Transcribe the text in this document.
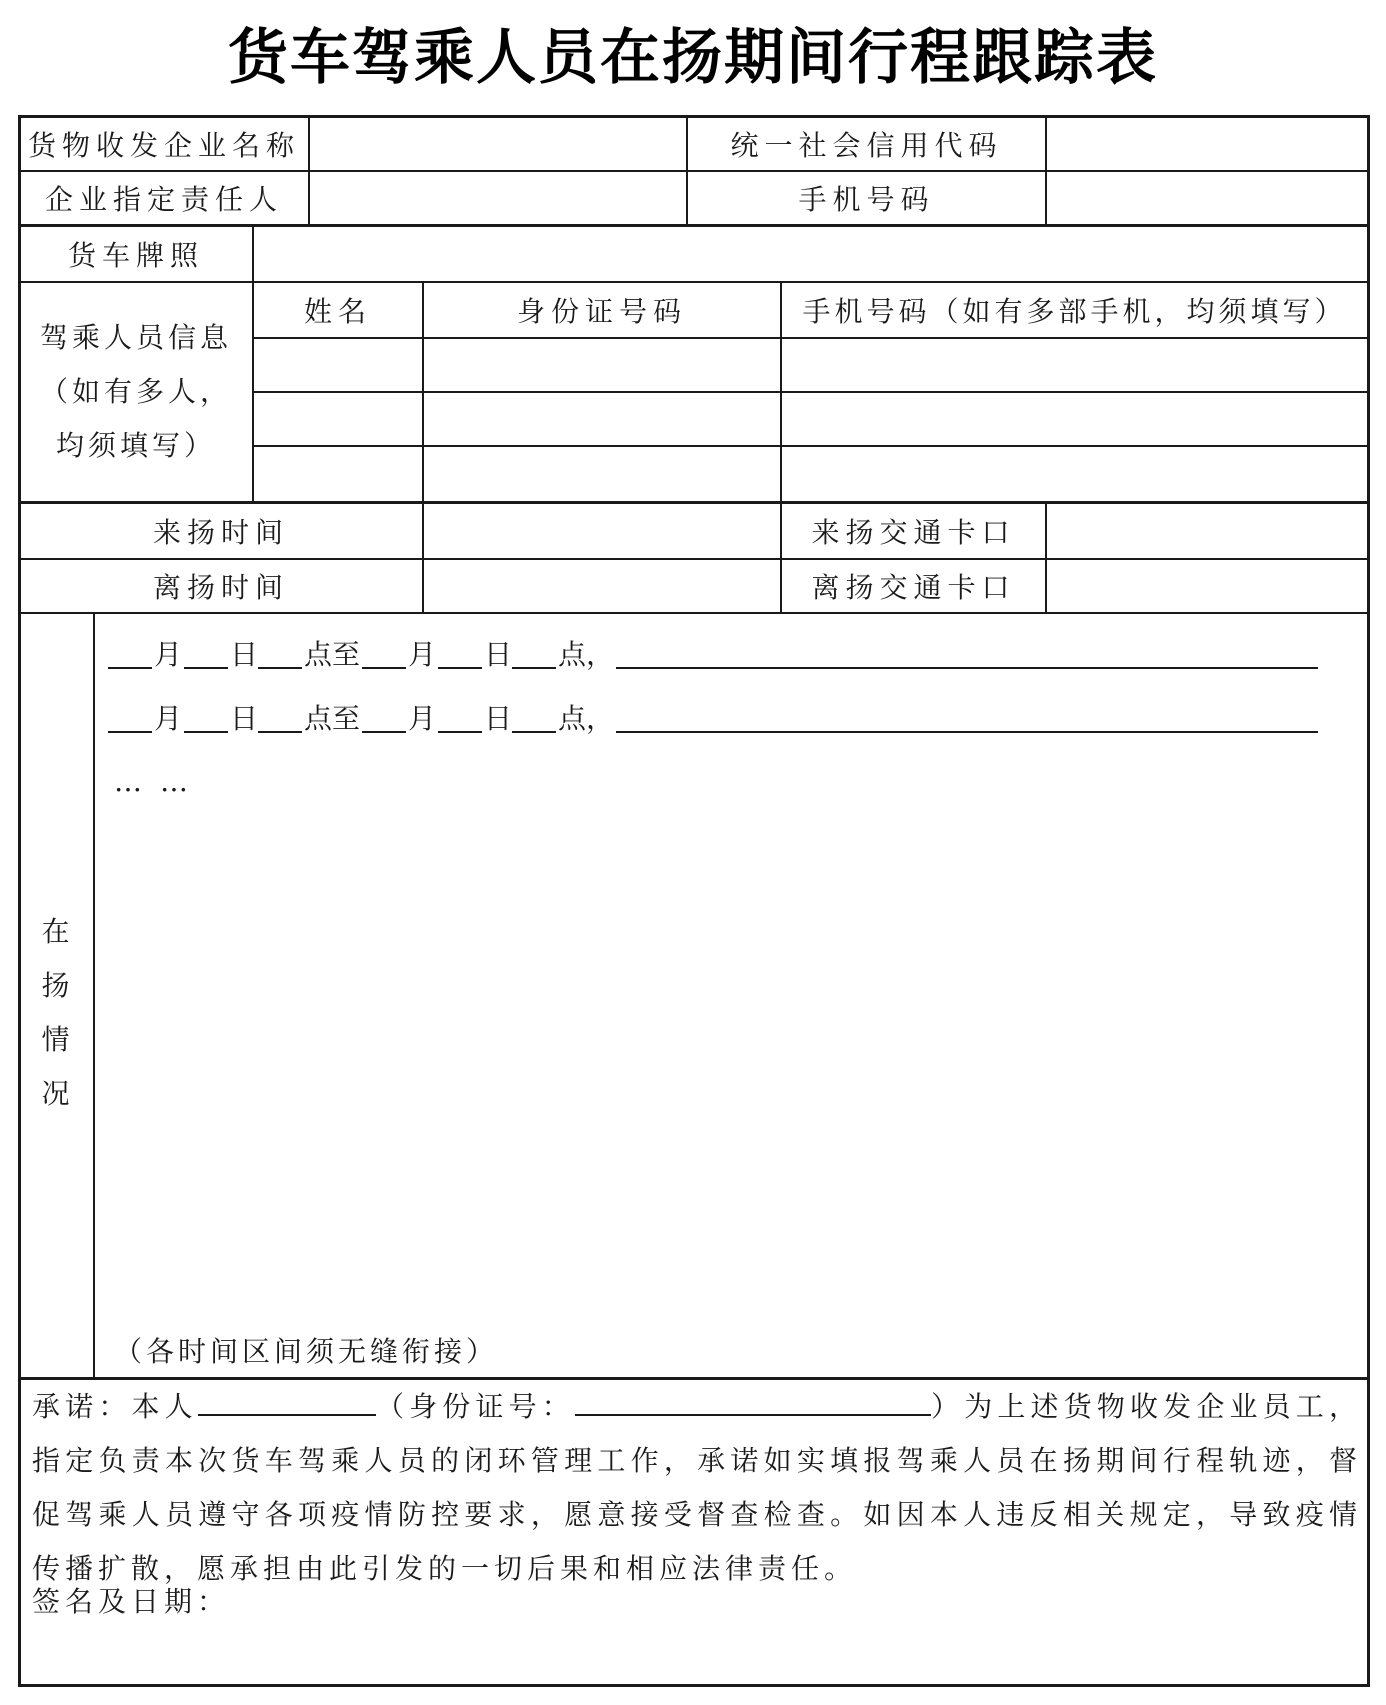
货车驾乘人员在扬期间行程跟踪表
货物收发企业名称	统一社会信用代码
企业指定责任人	手机号码
货车牌照
驾乘人员信息
（如有多人，
均须填写）
姓名	身份证号码	手机号码（如有多部手机，均须填写）
来扬时间	来扬交通卡口
离扬时间	离扬交通卡口
在
扬
情
况
月 日 点至 月 日 点，
月 日 点至 月 日 点，
……
（各时间区间须无缝衔接）
承诺：本人	（身份证号：	）为上述货物收发企业员工，指定负责本次货车驾乘人员的闭环管理工作，承诺如实填报驾乘人员在扬期间行程轨迹，督促驾乘人员遵守各项疫情防控要求，愿意接受督查检查。如因本人违反相关规定，导致疫情传播扩散，愿承担由此引发的一切后果和相应法律责任。
签名及日期：
